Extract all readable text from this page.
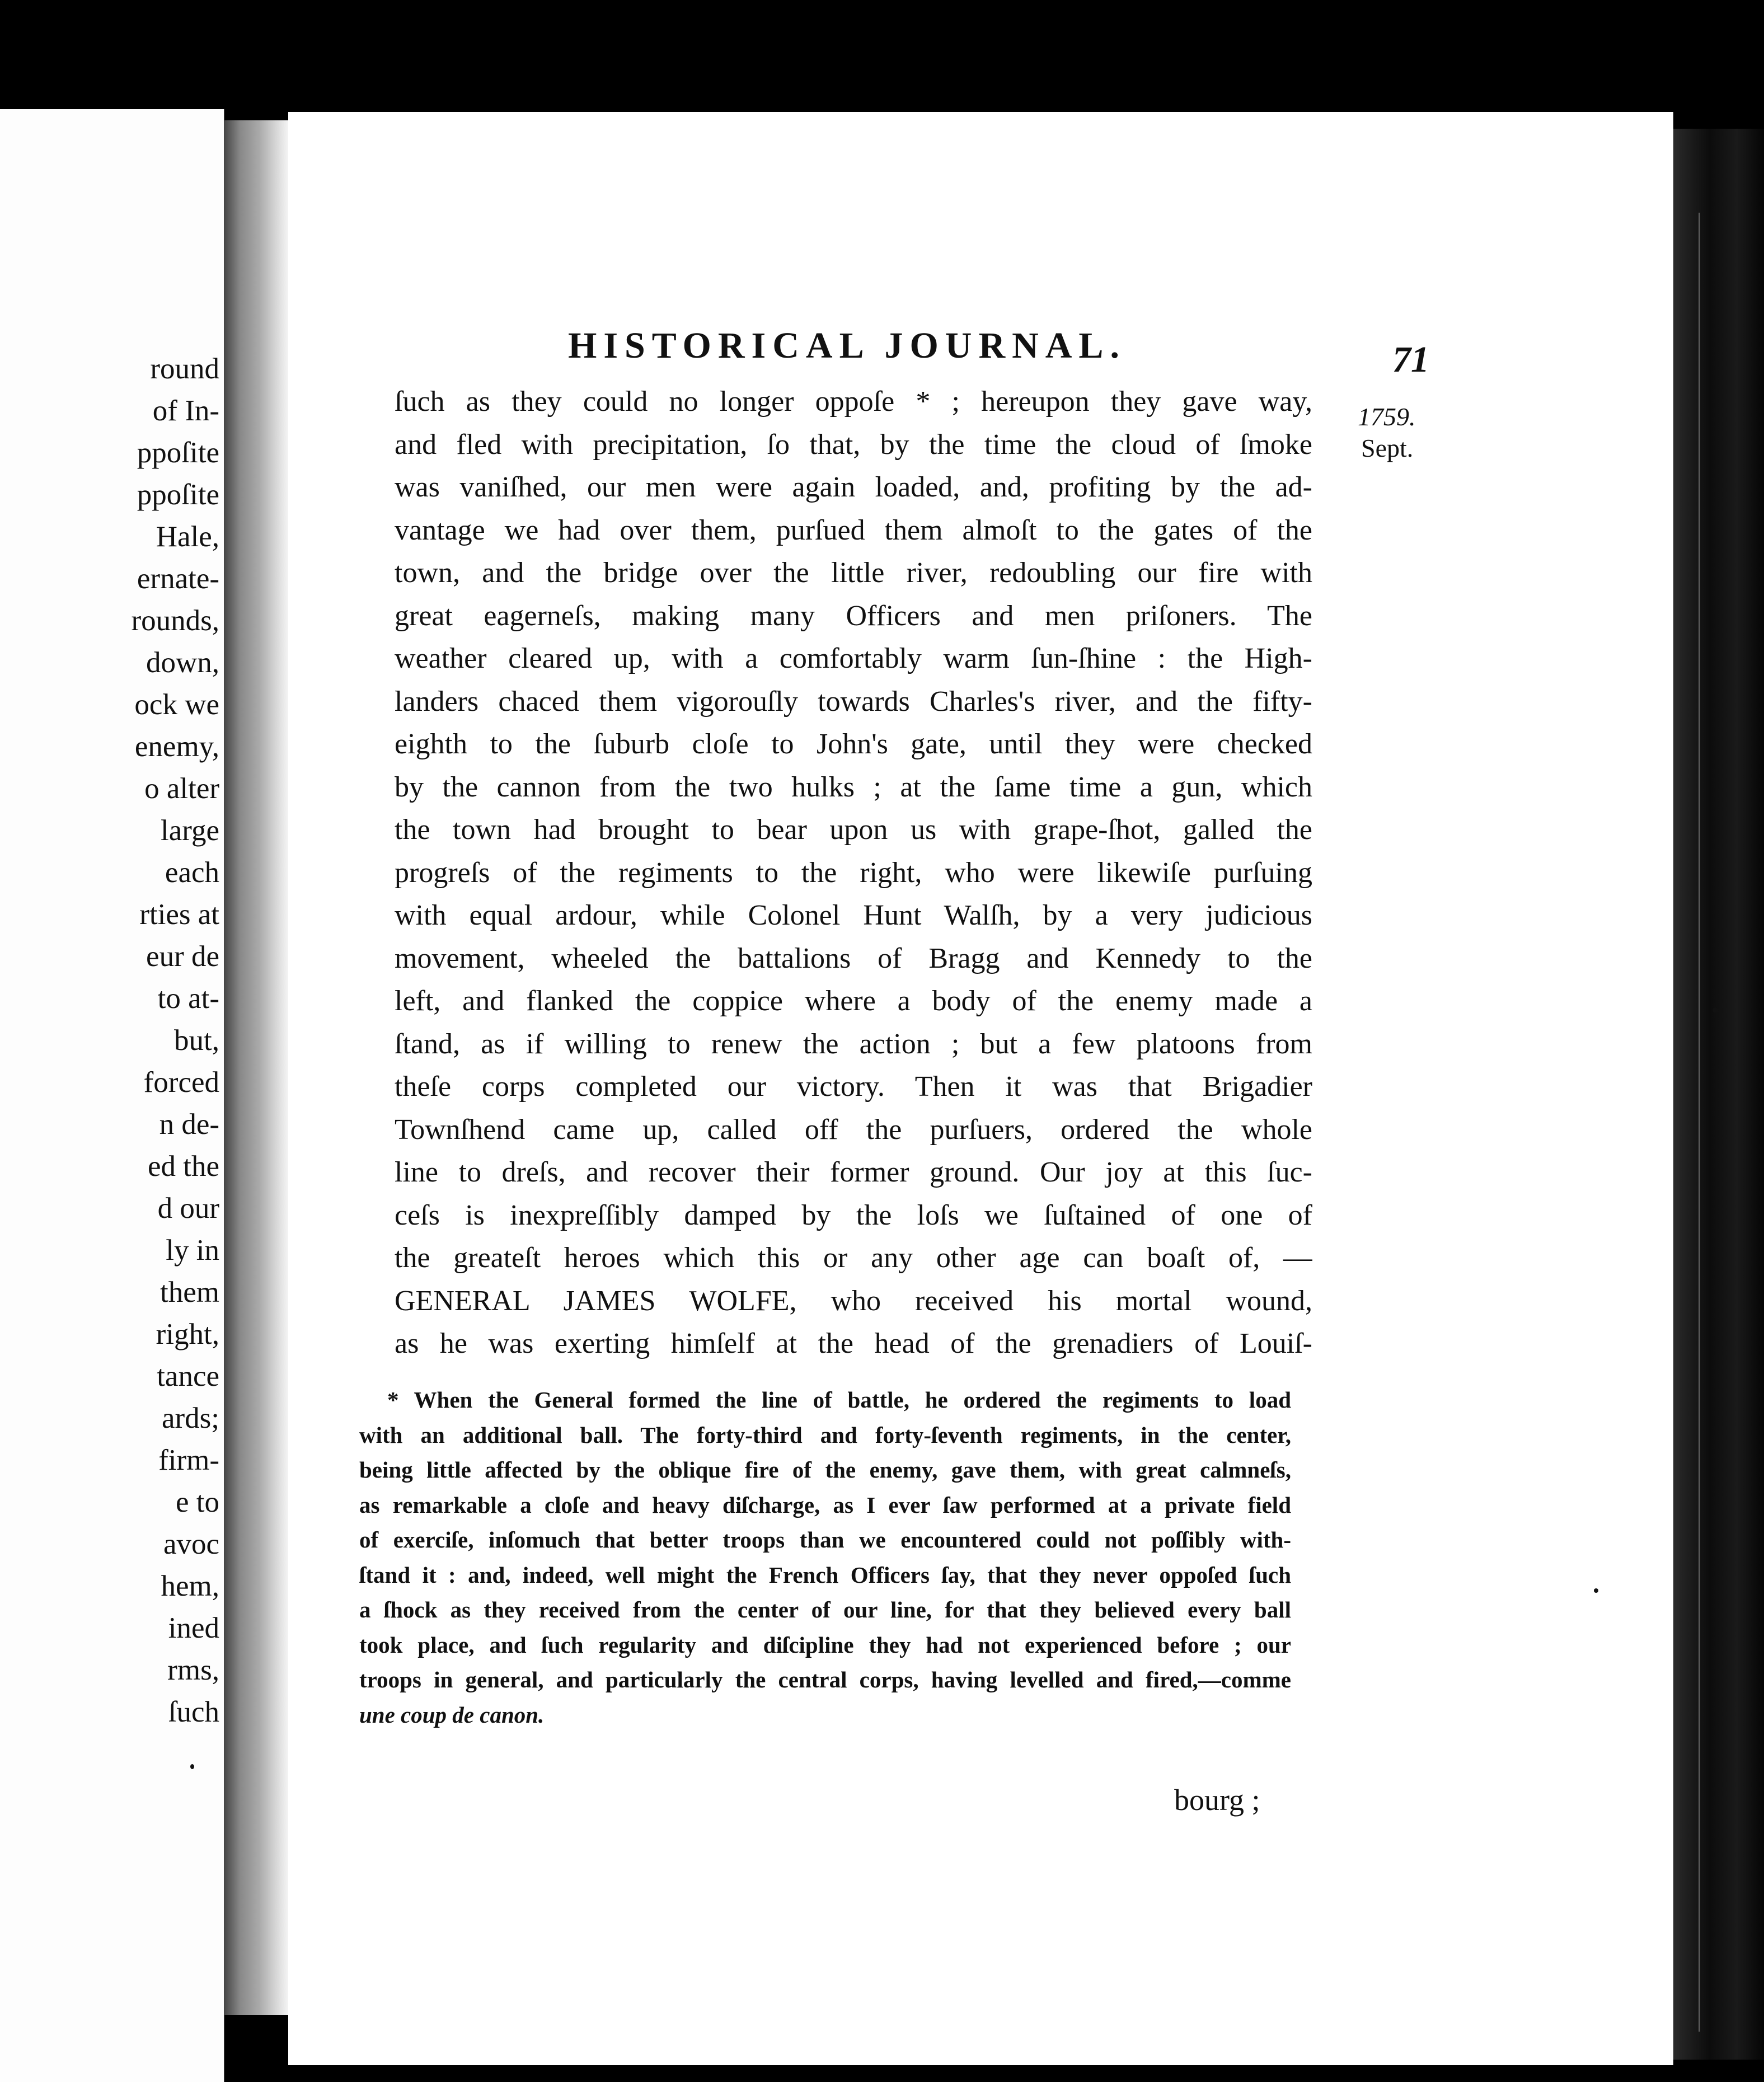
round
of In-
ppoſite
ppoſite
Hale,
ernate-
rounds,
down,
ock we
enemy,
o alter
large
each
rties at
eur de
to at-
but,
forced
n de-
ed the
d our
ly in
them
right,
tance
ards;
firm-
e to
avoc
hem,
ined
rms,
ſuch
HISTORICAL JOURNAL.	71
1759.
Sept.
ſuch as they could no longer oppoſe * ; hereupon they gave way,
and fled with precipitation, ſo that, by the time the cloud of ſmoke
was vaniſhed, our men were again loaded, and, profiting by the ad-
vantage we had over them, purſued them almoſt to the gates of the
town, and the bridge over the little river, redoubling our fire with
great eagerneſs, making many Officers and men priſoners. The
weather cleared up, with a comfortably warm ſun-ſhine : the High-
landers chaced them vigorouſly towards Charles's river, and the fifty-
eighth to the ſuburb cloſe to John's gate, until they were checked
by the cannon from the two hulks ; at the ſame time a gun, which
the town had brought to bear upon us with grape-ſhot, galled the
progreſs of the regiments to the right, who were likewiſe purſuing
with equal ardour, while Colonel Hunt Walſh, by a very judicious
movement, wheeled the battalions of Bragg and Kennedy to the
left, and flanked the coppice where a body of the enemy made a
ſtand, as if willing to renew the action ; but a few platoons from
theſe corps completed our victory. Then it was that Brigadier
Townſhend came up, called off the purſuers, ordered the whole
line to dreſs, and recover their former ground. Our joy at this ſuc-
ceſs is inexpreſſibly damped by the loſs we ſuſtained of one of
the greateſt heroes which this or any other age can boaſt of, —
GENERAL JAMES WOLFE, who received his mortal wound,
as he was exerting himſelf at the head of the grenadiers of Louiſ-
* When the General formed the line of battle, he ordered the regiments to load
with an additional ball. The forty-third and forty-ſeventh regiments, in the center,
being little affected by the oblique fire of the enemy, gave them, with great calmneſs,
as remarkable a cloſe and heavy diſcharge, as I ever ſaw performed at a private field
of exerciſe, inſomuch that better troops than we encountered could not poſſibly with-
ſtand it : and, indeed, well might the French Officers ſay, that they never oppoſed ſuch
a ſhock as they received from the center of our line, for that they believed every ball
took place, and ſuch regularity and diſcipline they had not experienced before ; our
troops in general, and particularly the central corps, having levelled and fired,—comme
une coup de canon.
bourg ;
